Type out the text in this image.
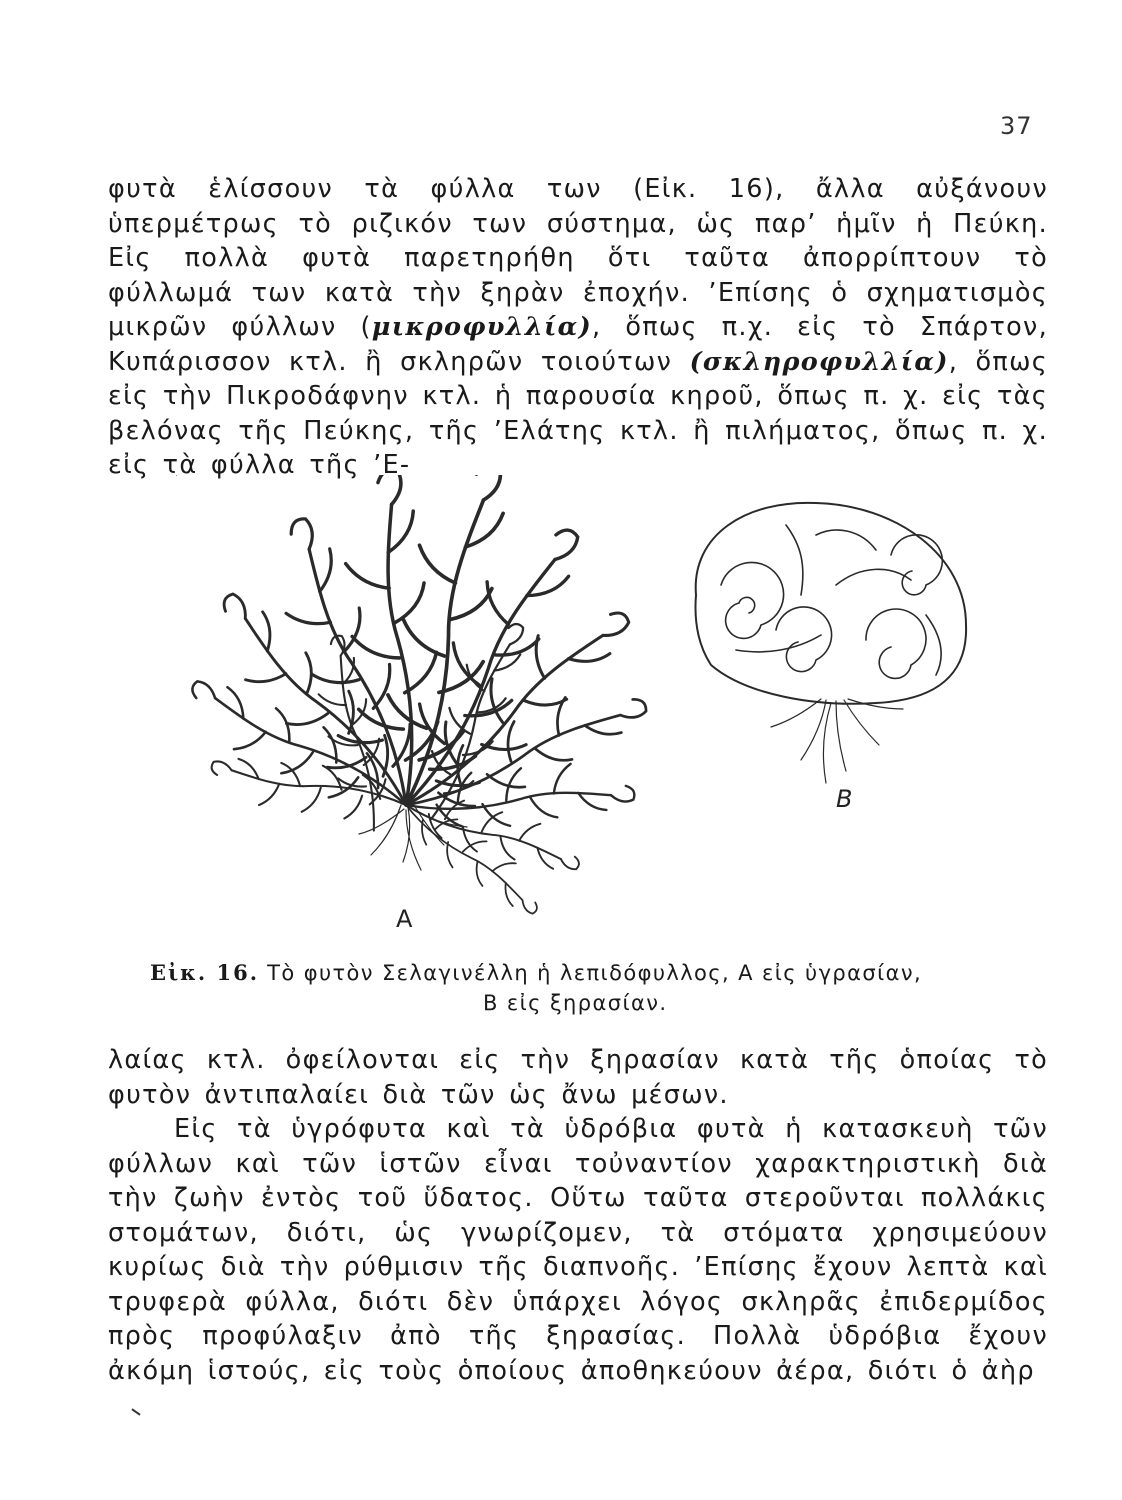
37

φυτὰ ἑλίσσουν τὰ φύλλα των (Εἰκ. 16), ἄλλα αὐξάνουν ὑπερμέτρως τὸ ριζικόν των σύστημα, ὡς παρ’ ἡμῖν ἡ Πεύκη. Εἰς πολλὰ φυτὰ παρετηρήθη ὅτι ταῦτα ἀπορρίπτουν τὸ φύλλωμά των κατὰ τὴν ξηρὰν ἐποχήν. ’Επίσης ὁ σχηματισμὸς μικρῶν φύλλων (μικροφυλλία), ὅπως π.χ. εἰς τὸ Σπάρτον, Κυπάρισσον κτλ. ἢ σκληρῶν τοιούτων (σκληροφυλλία), ὅπως εἰς τὴν Πικροδάφνην κτλ. ἡ παρουσία κηροῦ, ὅπως π. χ. εἰς τὰς βελόνας τῆς Πεύκης, τῆς ’Ελάτης κτλ. ἢ πιλήματος, ὅπως π. χ. εἰς τὰ φύλλα τῆς ’Ε-

A
B
Εἰκ. 16. Τὸ φυτὸν Σελαγινέλλη ἡ λεπιδόφυλλος, Α εἰς ὑγρασίαν,
Β εἰς ξηρασίαν.

λαίας κτλ. ὀφείλονται εἰς τὴν ξηρασίαν κατὰ τῆς ὁποίας τὸ φυτὸν ἀντιπαλαίει διὰ τῶν ὡς ἄνω μέσων.

Εἰς τὰ ὑγρόφυτα καὶ τὰ ὑδρόβια φυτὰ ἡ κατασκευὴ τῶν φύλλων καὶ τῶν ἱστῶν εἶναι τοὐναντίον χαρακτηριστικὴ διὰ τὴν ζωὴν ἐντὸς τοῦ ὕδατος. Οὕτω ταῦτα στεροῦνται πολλάκις στομάτων, διότι, ὡς γνωρίζομεν, τὰ στόματα χρησιμεύουν κυρίως διὰ τὴν ρύθμισιν τῆς διαπνοῆς. ’Επίσης ἔχουν λεπτὰ καὶ τρυφερὰ φύλλα, διότι δὲν ὑπάρχει λόγος σκληρᾶς ἐπιδερμίδος πρὸς προφύλαξιν ἀπὸ τῆς ξηρασίας. Πολλὰ ὑδρόβια ἔχουν ἀκόμη ἱστούς, εἰς τοὺς ὁποίους ἀποθηκεύουν ἀέρα, διότι ὁ ἀὴρ
